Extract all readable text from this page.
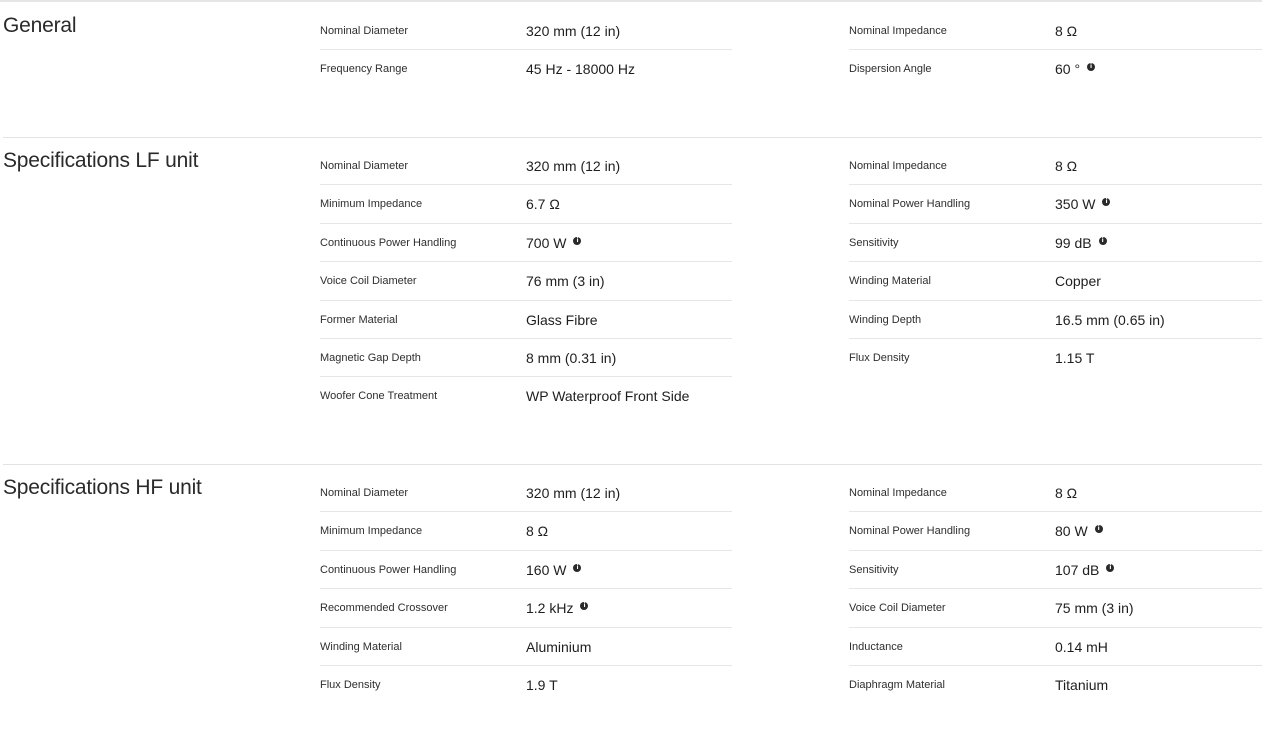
General	Nominal Diameter	320 mm (12 in)
Frequency Range	45 Hz - 18000 Hz
Nominal Impedance	8 Ω
Dispersion Angle	60 °	i
Specifications LF unit	Nominal Diameter	320 mm (12 in)
Minimum Impedance	6.7 Ω
Continuous Power Handling	700 W	i
Voice Coil Diameter	76 mm (3 in)
Former Material	Glass Fibre
Magnetic Gap Depth	8 mm (0.31 in)
Woofer Cone Treatment	WP Waterproof Front Side
Nominal Impedance	8 Ω
Nominal Power Handling	350 W	i
Sensitivity	99 dB	i
Winding Material	Copper
Winding Depth	16.5 mm (0.65 in)
Flux Density	1.15 T
Specifications HF unit	Nominal Diameter	320 mm (12 in)
Minimum Impedance	8 Ω
Continuous Power Handling	160 W	i
Recommended Crossover	1.2 kHz	i
Winding Material	Aluminium
Flux Density	1.9 T
Nominal Impedance	8 Ω
Nominal Power Handling	80 W	i
Sensitivity	107 dB	i
Voice Coil Diameter	75 mm (3 in)
Inductance	0.14 mH
Diaphragm Material	Titanium
